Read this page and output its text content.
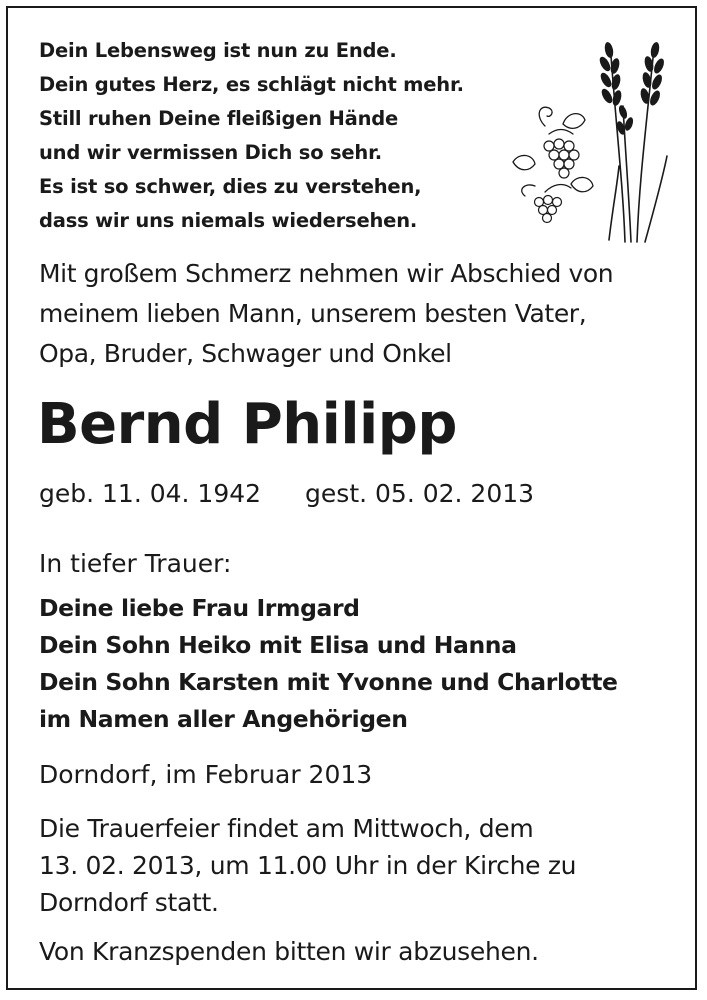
Dein Lebensweg ist nun zu Ende.
Dein gutes Herz, es schlägt nicht mehr.
Still ruhen Deine fleißigen Hände
und wir vermissen Dich so sehr.
Es ist so schwer, dies zu verstehen,
dass wir uns niemals wiedersehen.
Mit großem Schmerz nehmen wir Abschied von
meinem lieben Mann, unserem besten Vater,
Opa, Bruder, Schwager und Onkel
Bernd Philipp
geb. 11. 04. 1942 gest. 05. 02. 2013
In tiefer Trauer:
Deine liebe Frau Irmgard
Dein Sohn Heiko mit Elisa und Hanna
Dein Sohn Karsten mit Yvonne und Charlotte
im Namen aller Angehörigen
Dorndorf, im Februar 2013
Die Trauerfeier findet am Mittwoch, dem
13. 02. 2013, um 11.00 Uhr in der Kirche zu
Dorndorf statt.
Von Kranzspenden bitten wir abzusehen.
